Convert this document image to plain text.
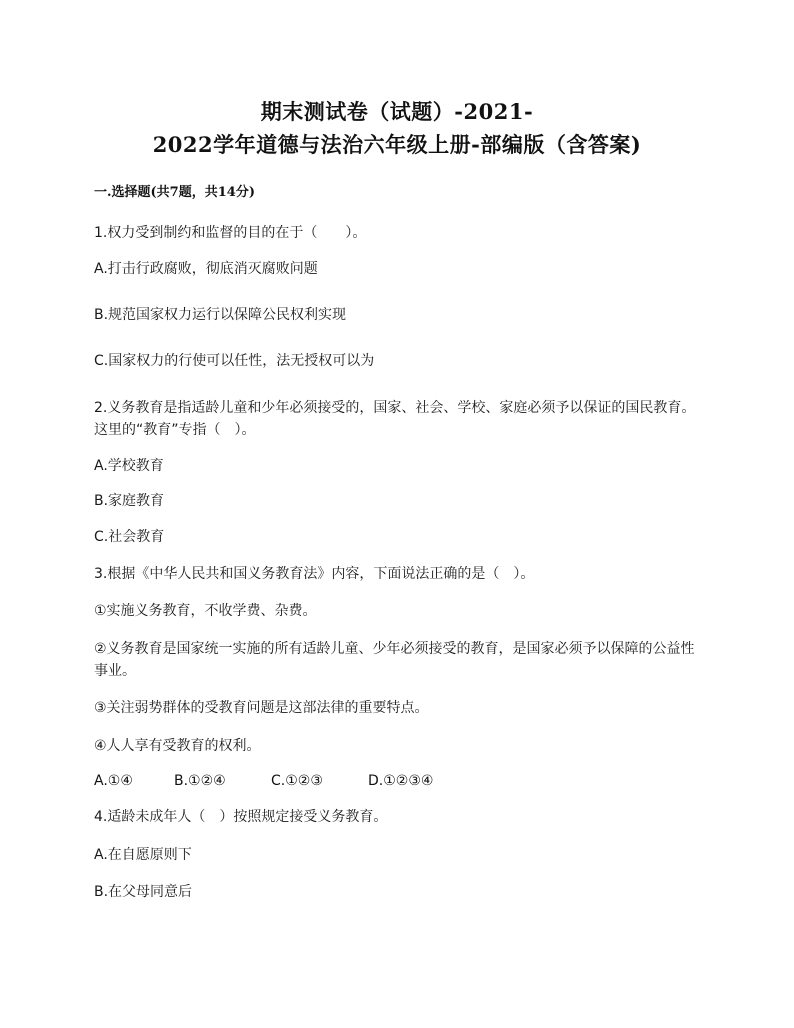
期末测试卷（试题）-2021-
2022学年道德与法治六年级上册-部编版（含答案)
一.选择题(共7题，共14分)
1.权力受到制约和监督的目的在于（　　）。
A.打击行政腐败，彻底消灭腐败问题
B.规范国家权力运行以保障公民权利实现
C.国家权力的行使可以任性，法无授权可以为
2.义务教育是指适龄儿童和少年必须接受的，国家、社会、学校、家庭必须予以保证的国民教育。这里的“教育”专指（　）。
A.学校教育
B.家庭教育
C.社会教育
3.根据《中华人民共和国义务教育法》内容，下面说法正确的是（　）。
①实施义务教育，不收学费、杂费。
②义务教育是国家统一实施的所有适龄儿童、少年必须接受的教育，是国家必须予以保障的公益性事业。
③关注弱势群体的受教育问题是这部法律的重要特点。
④人人享有受教育的权利。
A.①④	B.①②④	C.①②③	D.①②③④
4.适龄未成年人（　）按照规定接受义务教育。
A.在自愿原则下
B.在父母同意后
